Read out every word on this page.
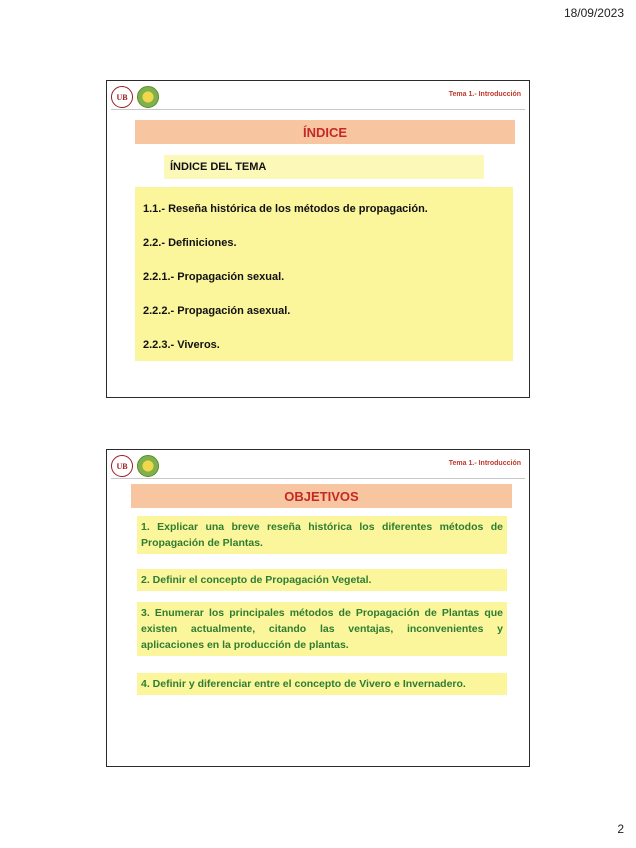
18/09/2023
UB	Tema 1.- Introducción
ÍNDICE
ÍNDICE DEL TEMA
1.1.- Reseña histórica de los métodos de propagación.
2.2.- Definiciones.
2.2.1.- Propagación sexual.
2.2.2.- Propagación asexual.
2.2.3.- Viveros.
UB	Tema 1.- Introducción
OBJETIVOS
1. Explicar una breve reseña histórica los diferentes métodos de Propagación de Plantas.
2. Definir el concepto de Propagación Vegetal.
3. Enumerar los principales métodos de Propagación de Plantas que existen actualmente, citando las ventajas, inconvenientes y aplicaciones en la producción de plantas.
4. Definir y diferenciar entre el concepto de Vivero e Invernadero.
2
